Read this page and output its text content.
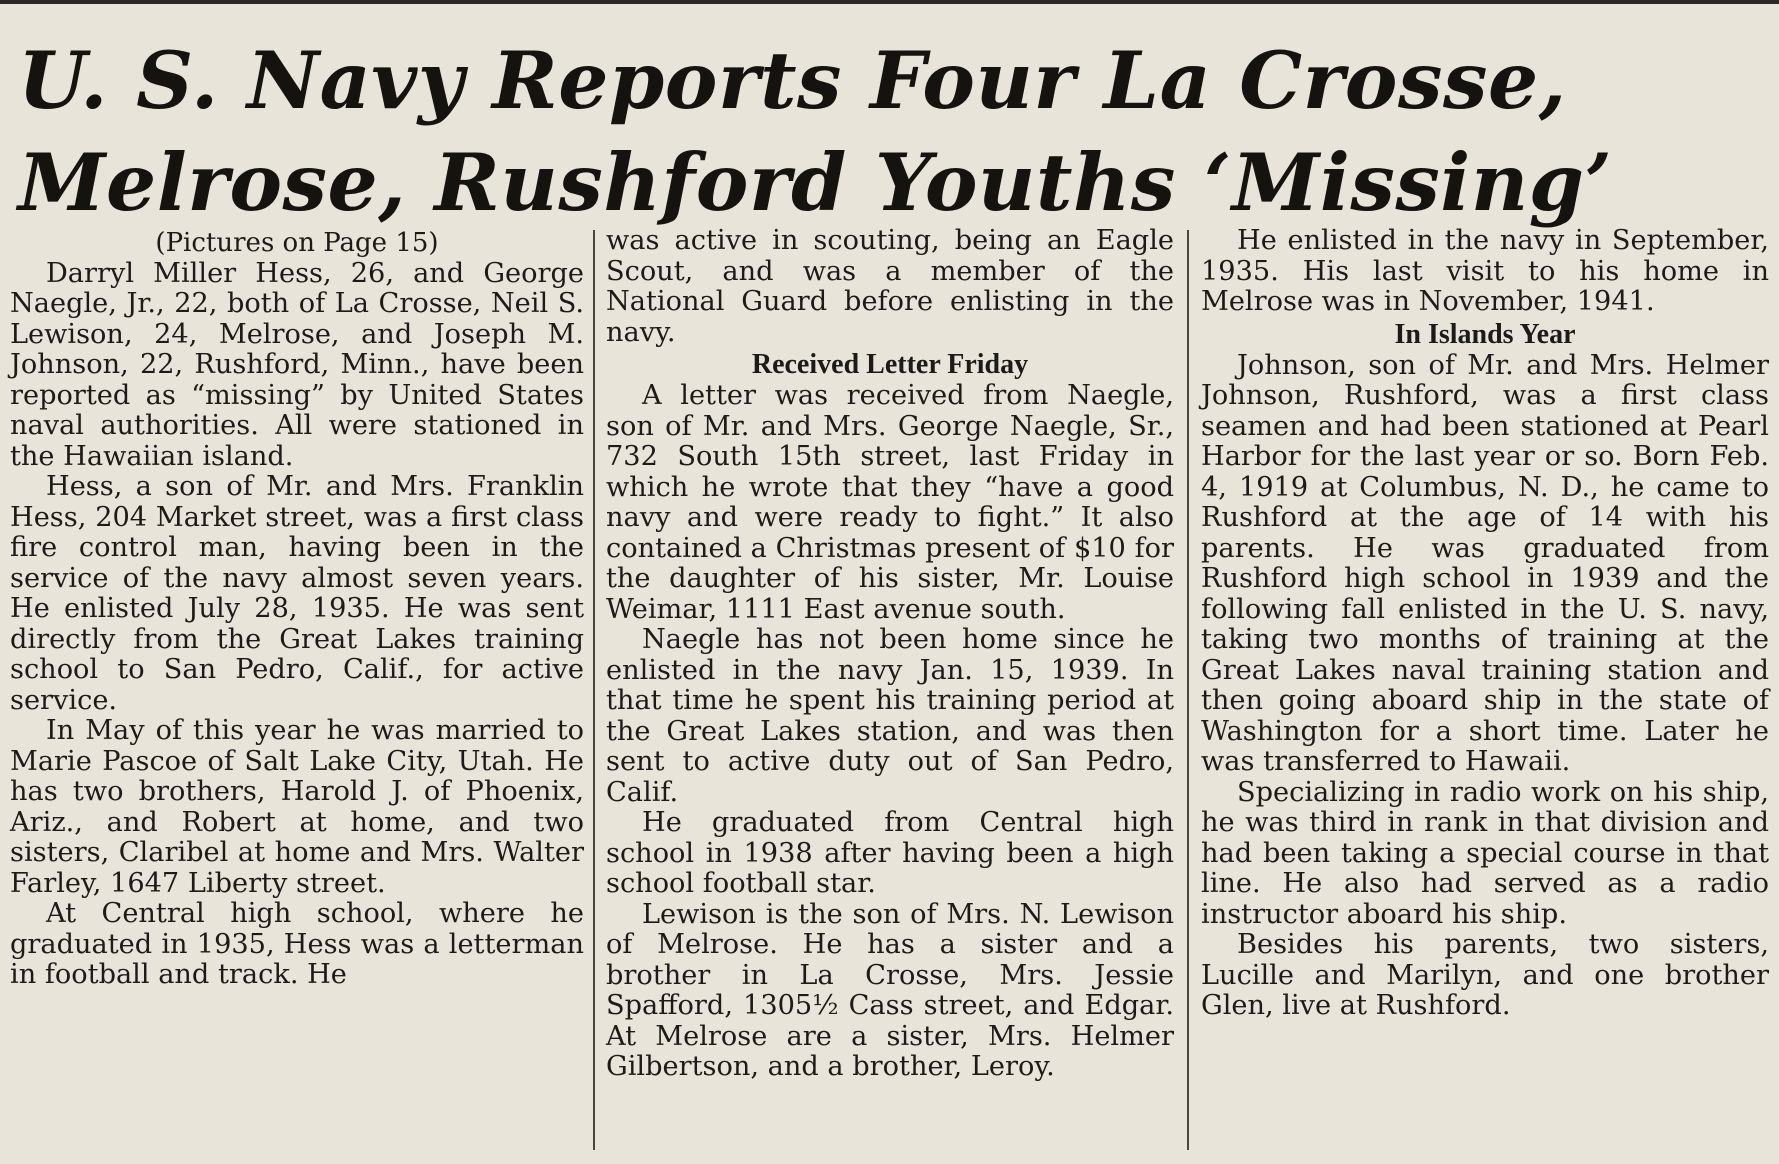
U. S. Navy Reports Four La Crosse,
Melrose, Rushford Youths ‘Missing’

(Pictures on Page 15)

Darryl Miller Hess, 26, and George Naegle, Jr., 22, both of La Crosse, Neil S. Lewison, 24, Melrose, and Joseph M. Johnson, 22, Rushford, Minn., have been reported as “missing” by United States naval authorities. All were stationed in the Hawaiian island.

Hess, a son of Mr. and Mrs. Franklin Hess, 204 Market street, was a first class fire control man, having been in the service of the navy almost seven years. He enlisted July 28, 1935. He was sent directly from the Great Lakes training school to San Pedro, Calif., for active service.

In May of this year he was married to Marie Pascoe of Salt Lake City, Utah. He has two brothers, Harold J. of Phoenix, Ariz., and Robert at home, and two sisters, Claribel at home and Mrs. Walter Farley, 1647 Liberty street.

At Central high school, where he graduated in 1935, Hess was a letterman in football and track. He

was active in scouting, being an Eagle Scout, and was a member of the National Guard before enlisting in the navy.

Received Letter Friday

A letter was received from Naegle, son of Mr. and Mrs. George Naegle, Sr., 732 South 15th street, last Friday in which he wrote that they “have a good navy and were ready to fight.” It also contained a Christmas present of $10 for the daughter of his sister, Mr. Louise Weimar, 1111 East avenue south.

Naegle has not been home since he enlisted in the navy Jan. 15, 1939. In that time he spent his training period at the Great Lakes station, and was then sent to active duty out of San Pedro, Calif.

He graduated from Central high school in 1938 after having been a high school football star.

Lewison is the son of Mrs. N. Lewison of Melrose. He has a sister and a brother in La Crosse, Mrs. Jessie Spafford, 1305½ Cass street, and Edgar. At Melrose are a sister, Mrs. Helmer Gilbertson, and a brother, Leroy.

He enlisted in the navy in September, 1935. His last visit to his home in Melrose was in November, 1941.

In Islands Year

Johnson, son of Mr. and Mrs. Helmer Johnson, Rushford, was a first class seamen and had been stationed at Pearl Harbor for the last year or so. Born Feb. 4, 1919 at Columbus, N. D., he came to Rushford at the age of 14 with his parents. He was graduated from Rushford high school in 1939 and the following fall enlisted in the U. S. navy, taking two months of training at the Great Lakes naval training station and then going aboard ship in the state of Washington for a short time. Later he was transferred to Hawaii.

Specializing in radio work on his ship, he was third in rank in that division and had been taking a special course in that line. He also had served as a radio instructor aboard his ship.

Besides his parents, two sisters, Lucille and Marilyn, and one brother Glen, live at Rushford.
